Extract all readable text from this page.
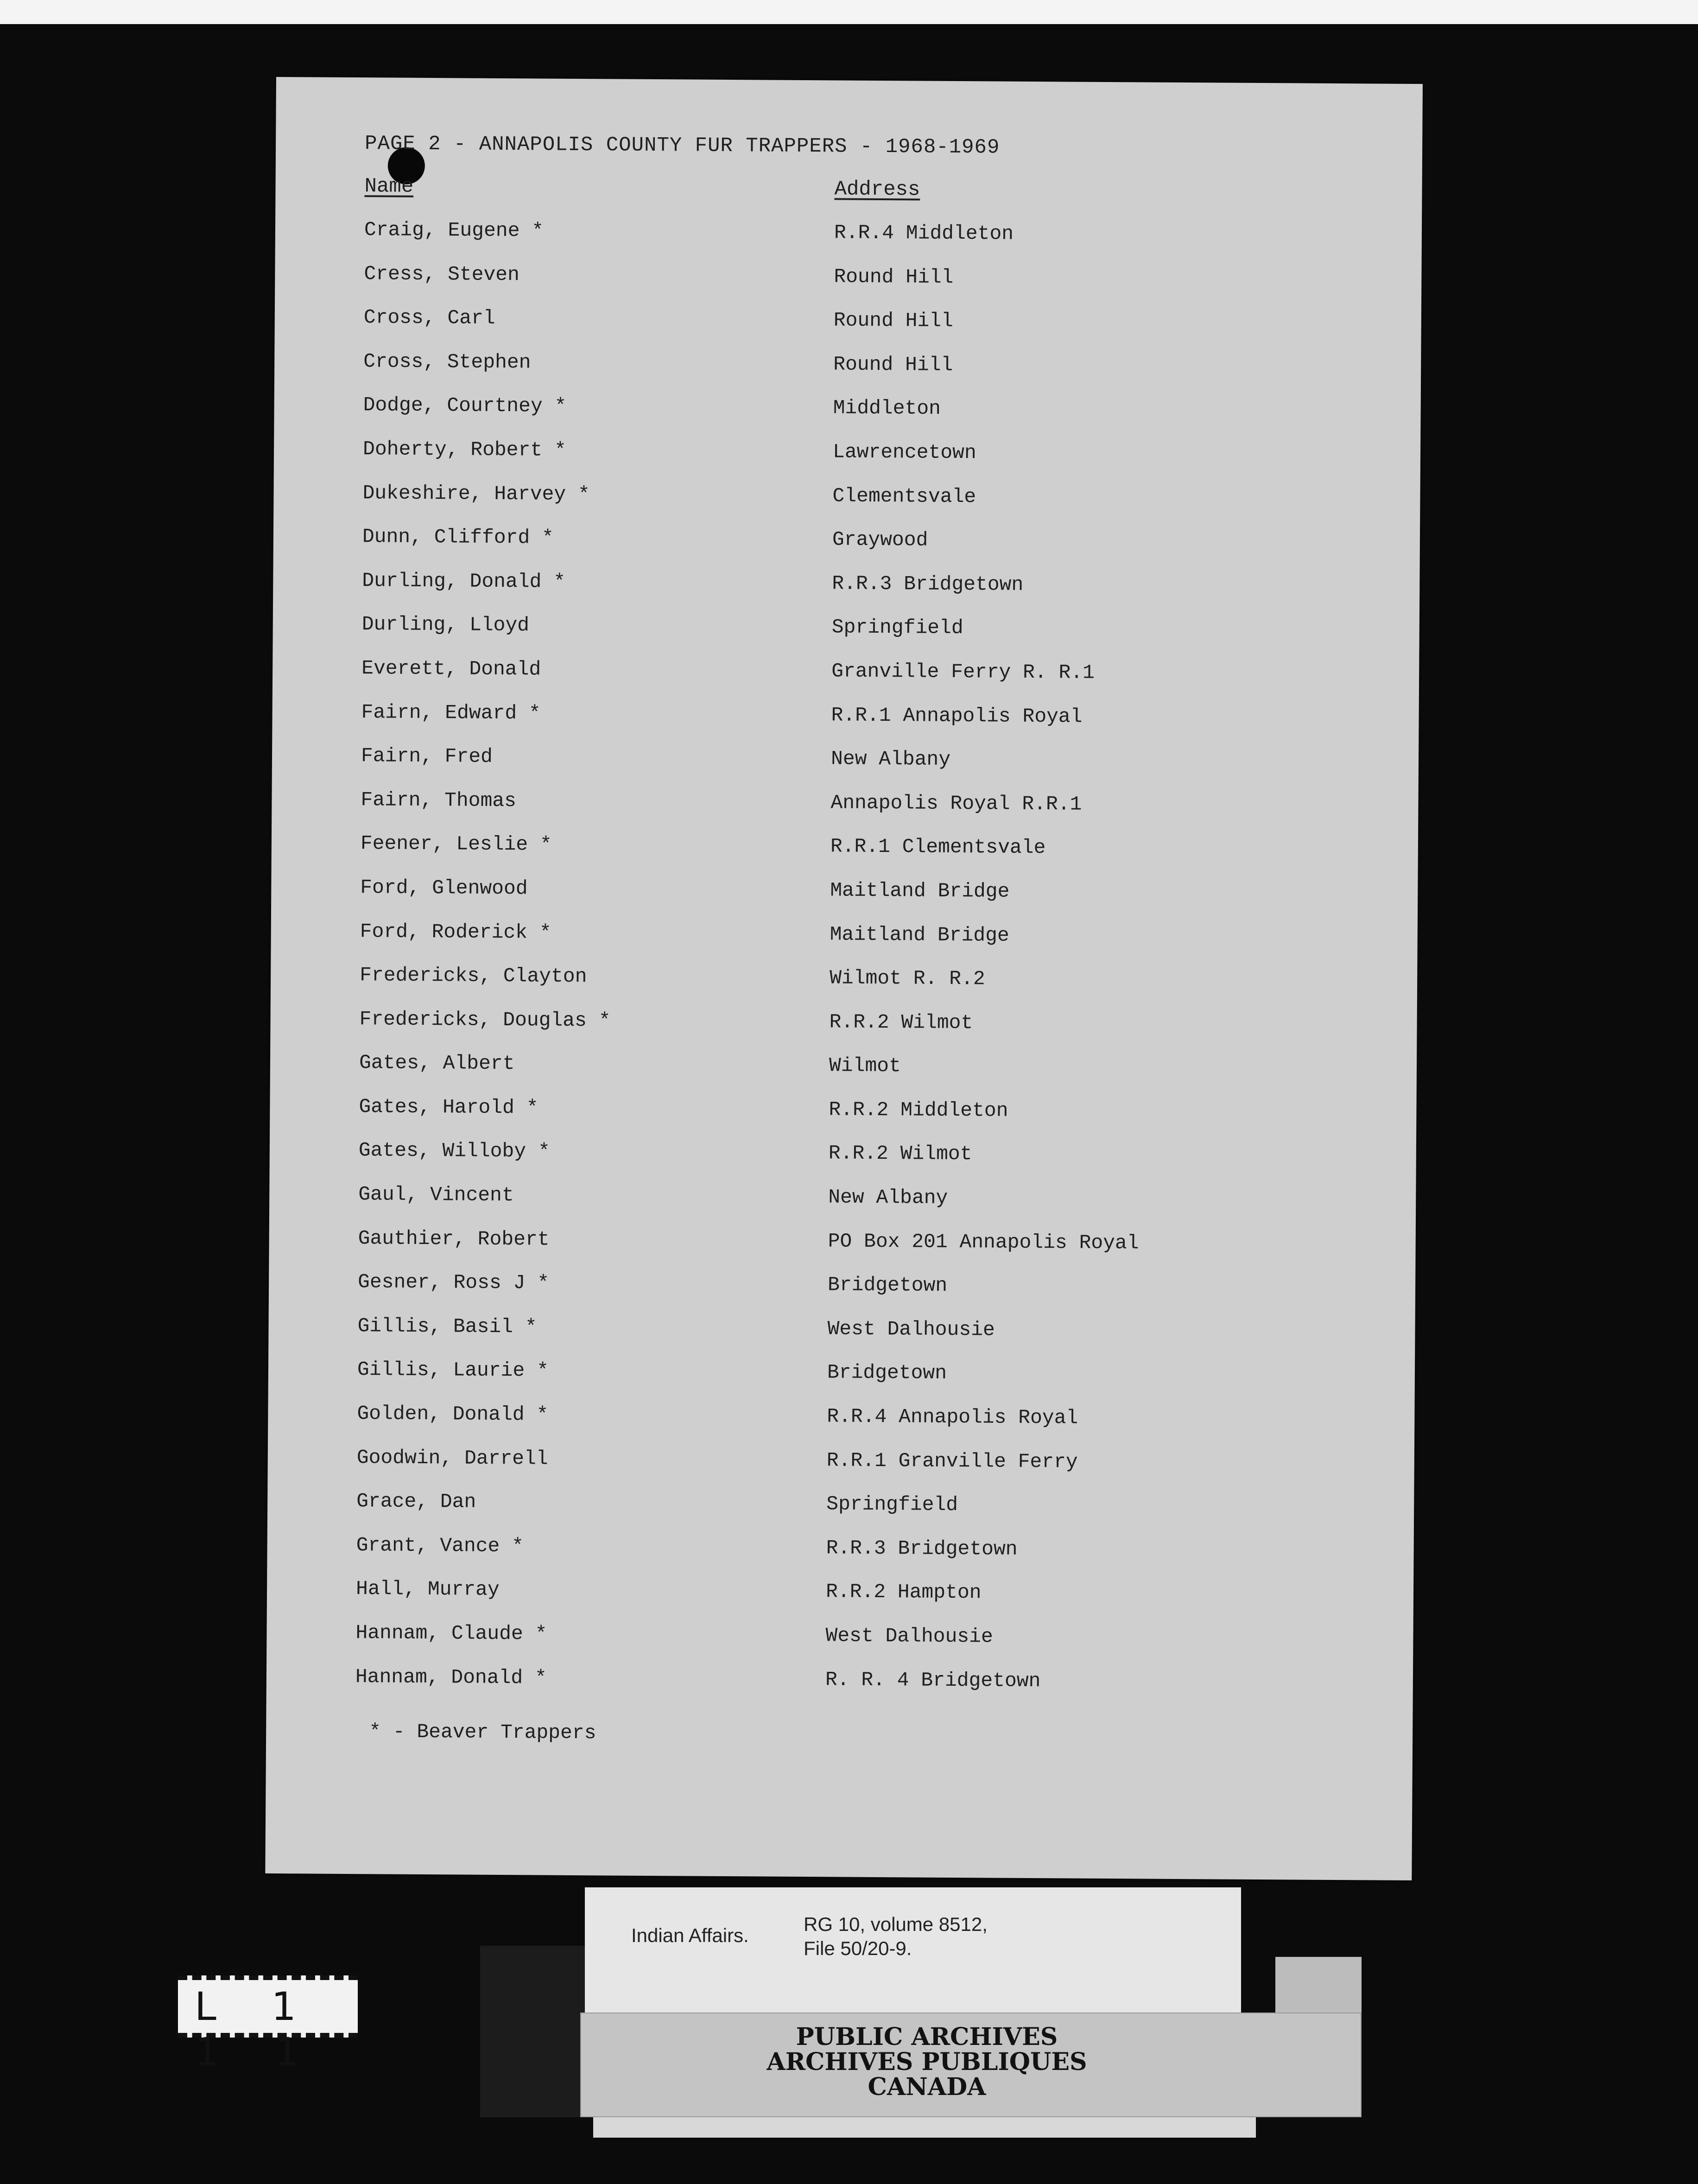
PAGE 2 - ANNAPOLIS COUNTY FUR TRAPPERS - 1968-1969
Name	Address
Craig, Eugene *	R.R.4 Middleton
Cress, Steven	Round Hill
Cross, Carl	Round Hill
Cross, Stephen	Round Hill
Dodge, Courtney *	Middleton
Doherty, Robert *	Lawrencetown
Dukeshire, Harvey *	Clementsvale
Dunn, Clifford *	Graywood
Durling, Donald *	R.R.3 Bridgetown
Durling, Lloyd	Springfield
Everett, Donald	Granville Ferry R. R.1
Fairn, Edward *	R.R.1 Annapolis Royal
Fairn, Fred	New Albany
Fairn, Thomas	Annapolis Royal R.R.1
Feener, Leslie *	R.R.1 Clementsvale
Ford, Glenwood	Maitland Bridge
Ford, Roderick *	Maitland Bridge
Fredericks, Clayton	Wilmot R. R.2
Fredericks, Douglas *	R.R.2 Wilmot
Gates, Albert	Wilmot
Gates, Harold *	R.R.2 Middleton
Gates, Willoby *	R.R.2 Wilmot
Gaul, Vincent	New Albany
Gauthier, Robert	PO Box 201 Annapolis Royal
Gesner, Ross J *	Bridgetown
Gillis, Basil *	West Dalhousie
Gillis, Laurie *	Bridgetown
Golden, Donald *	R.R.4 Annapolis Royal
Goodwin, Darrell	R.R.1 Granville Ferry
Grace, Dan	Springfield
Grant, Vance *	R.R.3 Bridgetown
Hall, Murray	R.R.2 Hampton
Hannam, Claude *	West Dalhousie
Hannam, Donald *	R. R. 4 Bridgetown
* - Beaver Trappers
Indian Affairs.
RG 10, volume 8512,
File 50/20-9.
PUBLIC ARCHIVES
ARCHIVES PUBLIQUES
CANADA
L 1 1 1
